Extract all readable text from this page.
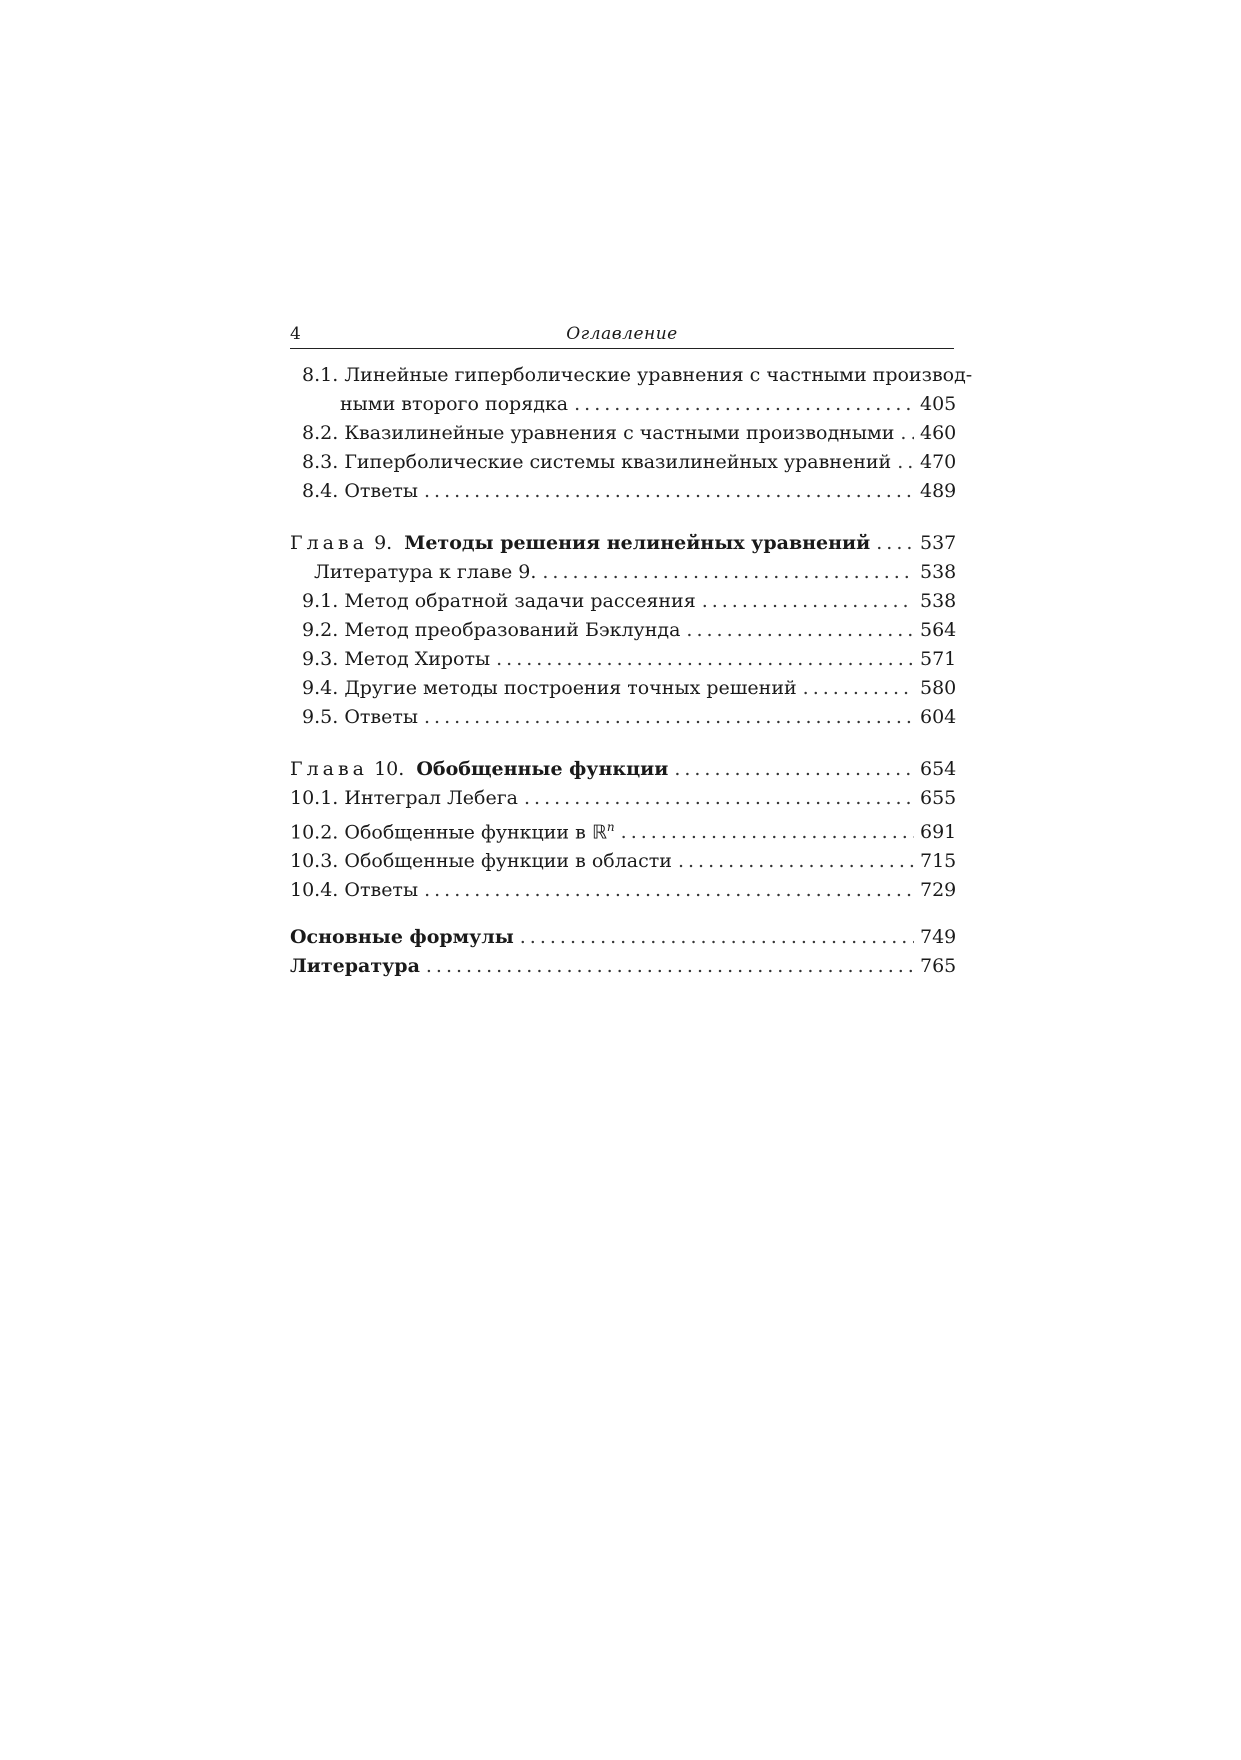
4	Оглавление
8.1. Линейные гиперболические уравнения с частными производ-
ными второго порядка .....	405
8.2. Квазилинейные уравнения с частными производными ..... 460
8.3. Гиперболические системы квазилинейных уравнений ..... 470
8.4. Ответы .....	489
Глава 9. Методы решения нелинейных уравнений .....	537
Литература к главе 9. .....	538
9.1. Метод обратной задачи рассеяния .....	538
9.2. Метод преобразований Бэклунда .....	564
9.3. Метод Хироты .....	571
9.4. Другие методы построения точных решений .....	580
9.5. Ответы .....	604
Глава 10. Обобщенные функции .....	654
10.1. Интеграл Лебега .....	655
10.2. Обобщенные функции в ℝ$^n$ .....	691
10.3. Обобщенные функции в области .....	715
10.4. Ответы .....	729
Основные формулы .....	749
Литература .....	765
